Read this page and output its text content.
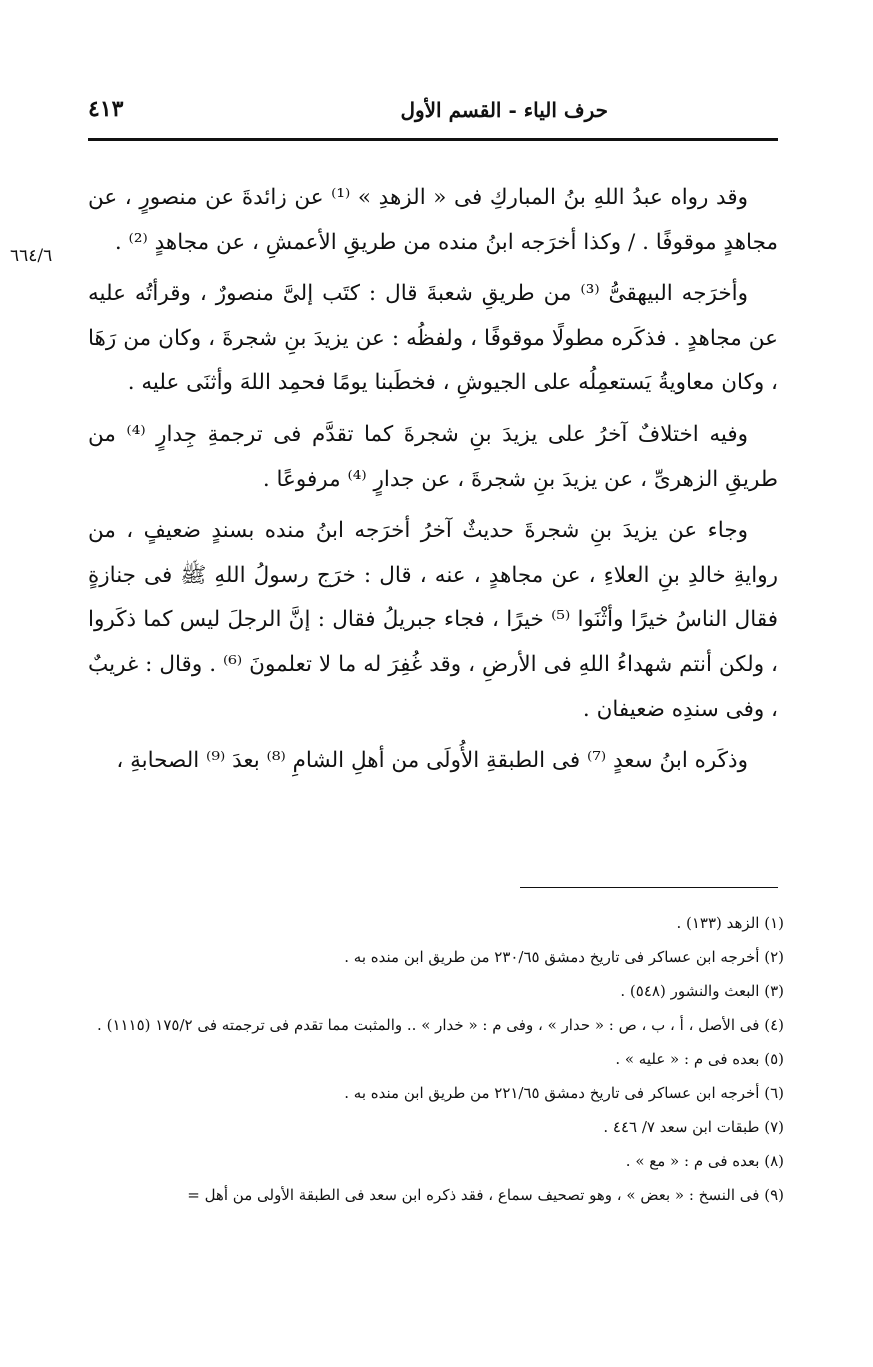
حرف الياء - القسم الأول
٤١٣
٦٦٤/٦

وقد رواه عبدُ اللهِ بنُ المباركِ فى « الزهدِ » ⁽¹⁾ عن زائدةَ عن منصورٍ ، عن مجاهدٍ موقوفًا . / وكذا أخرَجه ابنُ منده من طريقِ الأعمشِ ، عن مجاهدٍ ⁽²⁾ .

وأخرَجه البيهقىُّ ⁽³⁾ من طريقِ شعبةَ قال : كتَب إلىَّ منصورٌ ، وقرأتُه عليه عن مجاهدٍ . فذكَره مطولًا موقوفًا ، ولفظُه : عن يزيدَ بنِ شجرةَ ، وكان من رَهَا ، وكان معاويةُ يَستعمِلُه على الجيوشِ ، فخطَبنا يومًا فحمِد اللهَ وأثنَى عليه .

وفيه اختلافٌ آخرُ على يزيدَ بنِ شجرةَ كما تقدَّم فى ترجمةِ جِدارٍ ⁽⁴⁾ من طريقِ الزهرىِّ ، عن يزيدَ بنِ شجرةَ ، عن جدارٍ ⁽⁴⁾ مرفوعًا .

وجاء عن يزيدَ بنِ شجرةَ حديثٌ آخرُ أخرَجه ابنُ منده بسندٍ ضعيفٍ ، من روايةِ خالدِ بنِ العلاءِ ، عن مجاهدٍ ، عنه ، قال : خرَج رسولُ اللهِ ﷺ فى جنازةٍ فقال الناسُ خيرًا وأثْنَوا ⁽⁵⁾ خيرًا ، فجاء جبريلُ فقال : إنَّ الرجلَ ليس كما ذكَروا ، ولكن أنتم شهداءُ اللهِ فى الأرضِ ، وقد غُفِرَ له ما لا تعلمونَ ⁽⁶⁾ . وقال : غريبٌ ، وفى سندِه ضعيفان .

وذكَره ابنُ سعدٍ ⁽⁷⁾ فى الطبقةِ الأُولَى من أهلِ الشامِ ⁽⁸⁾ بعدَ ⁽⁹⁾ الصحابةِ ،

(١) الزهد (١٣٣) .

(٢) أخرجه ابن عساكر فى تاريخ دمشق ٢٣٠/٦٥ من طريق ابن منده به .

(٣) البعث والنشور (٥٤٨) .

(٤) فى الأصل ، أ ، ب ، ص : « حدار » ، وفى م : « خدار » .. والمثبت مما تقدم فى ترجمته فى ١٧٥/٢ (١١١٥) .

(٥) بعده فى م : « عليه » .

(٦) أخرجه ابن عساكر فى تاريخ دمشق ٢٢١/٦٥ من طريق ابن منده به .

(٧) طبقات ابن سعد ٧/ ٤٤٦ .

(٨) بعده فى م : « مع » .

(٩) فى النسخ : « بعض » ، وهو تصحيف سماع ، فقد ذكره ابن سعد فى الطبقة الأولى من أهل =
